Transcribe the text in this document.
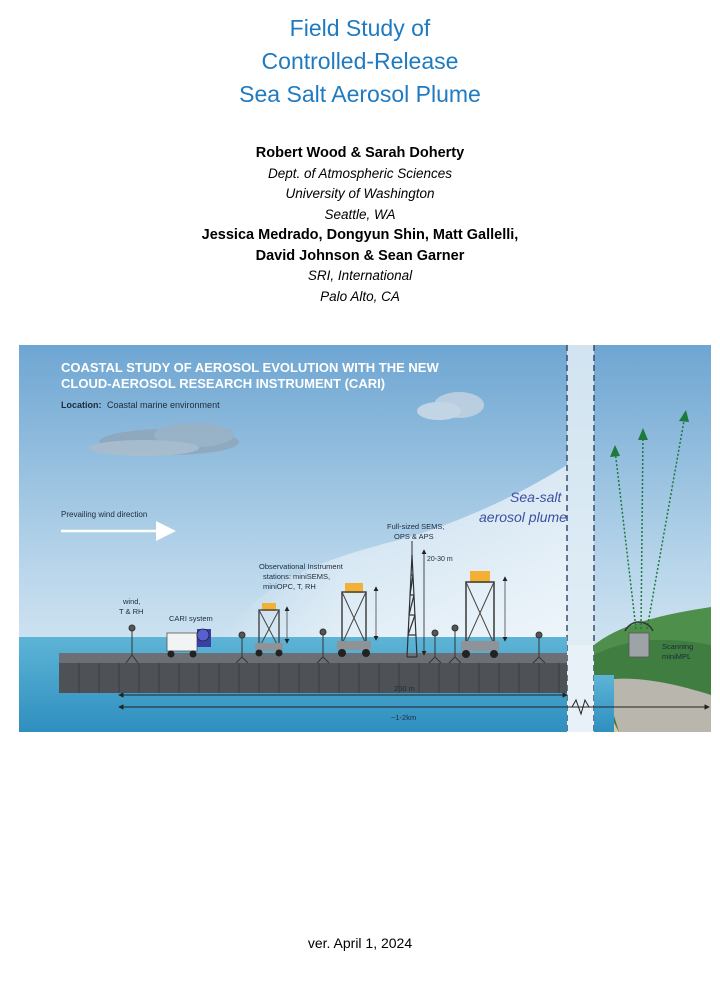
Field Study of
Controlled-Release
Sea Salt Aerosol Plume
Robert Wood & Sarah Doherty
Dept. of Atmospheric Sciences
University of Washington
Seattle, WA
Jessica Medrado, Dongyun Shin, Matt Gallelli,
David Johnson & Sean Garner
SRI, International
Palo Alto, CA
COASTAL STUDY OF AEROSOL EVOLUTION WITH THE NEW
CLOUD-AEROSOL RESEARCH INSTRUMENT (CARI)
Location: Coastal marine environment
Prevailing wind direction
Sea-salt
aerosol plume
Full-sized SEMS,
OPS & APS
20-30 m
Observational Instrument
stations: miniSEMS,
miniOPC, T, RH
wind,
T & RH
CARI system
200 m
~1-2km
Scanning
miniMPL
ver. April 1, 2024
